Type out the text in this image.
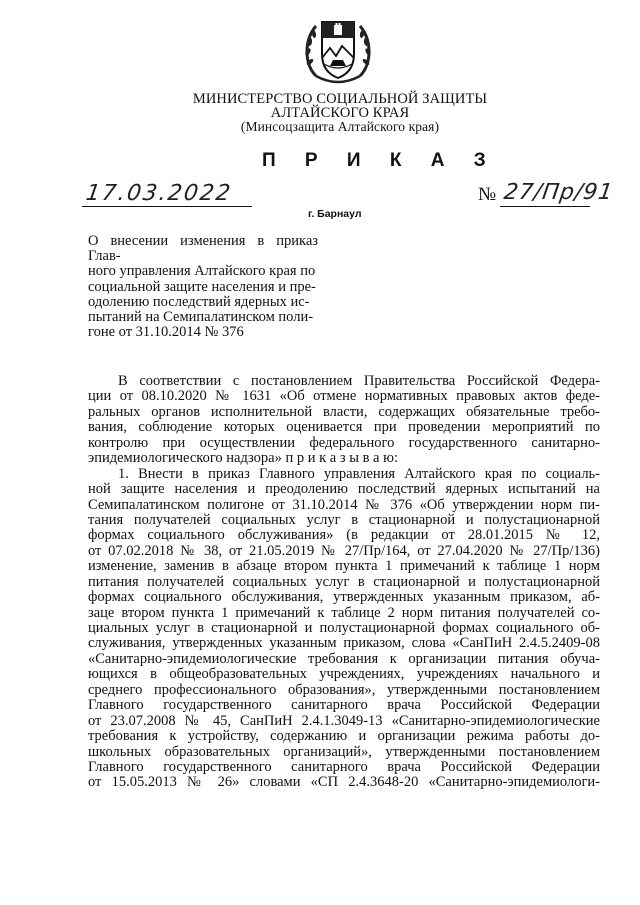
МИНИСТЕРСТВО СОЦИАЛЬНОЙ ЗАЩИТЫ
АЛТАЙСКОГО КРАЯ
(Минсоцзащита Алтайского края)
П Р И К А З
17.03.2022	№ 27/Пр/91
г. Барнаул
О внесении изменения в приказ Глав-
ного управления Алтайского края по
социальной защите населения и пре-
одолению последствий ядерных ис-
пытаний на Семипалатинском поли-
гоне от 31.10.2014 № 376
В соответствии с постановлением Правительства Российской Федера-
ции от 08.10.2020 № 1631 «Об отмене нормативных правовых актов феде-
ральных органов исполнительной власти, содержащих обязательные требо-
вания, соблюдение которых оценивается при проведении мероприятий по
контролю при осуществлении федерального государственного санитарно-
эпидемиологического надзора» п р и к а з ы в а ю:
1. Внести в приказ Главного управления Алтайского края по социаль-
ной защите населения и преодолению последствий ядерных испытаний на
Семипалатинском полигоне от 31.10.2014 № 376 «Об утверждении норм пи-
тания получателей социальных услуг в стационарной и полустационарной
формах социального обслуживания» (в редакции от 28.01.2015 № 12,
от 07.02.2018 № 38, от 21.05.2019 № 27/Пр/164, от 27.04.2020 № 27/Пр/136)
изменение, заменив в абзаце втором пункта 1 примечаний к таблице 1 норм
питания получателей социальных услуг в стационарной и полустационарной
формах социального обслуживания, утвержденных указанным приказом, аб-
заце втором пункта 1 примечаний к таблице 2 норм питания получателей со-
циальных услуг в стационарной и полустационарной формах социального об-
служивания, утвержденных указанным приказом, слова «СанПиН 2.4.5.2409-08
«Санитарно-эпидемиологические требования к организации питания обуча-
ющихся в общеобразовательных учреждениях, учреждениях начального и
среднего профессионального образования», утвержденными постановлением
Главного государственного санитарного врача Российской Федерации
от 23.07.2008 № 45, СанПиН 2.4.1.3049-13 «Санитарно-эпидемиологические
требования к устройству, содержанию и организации режима работы до-
школьных образовательных организаций», утвержденными постановлением
Главного государственного санитарного врача Российской Федерации
от 15.05.2013 № 26» словами «СП 2.4.3648-20 «Санитарно-эпидемиологи-
